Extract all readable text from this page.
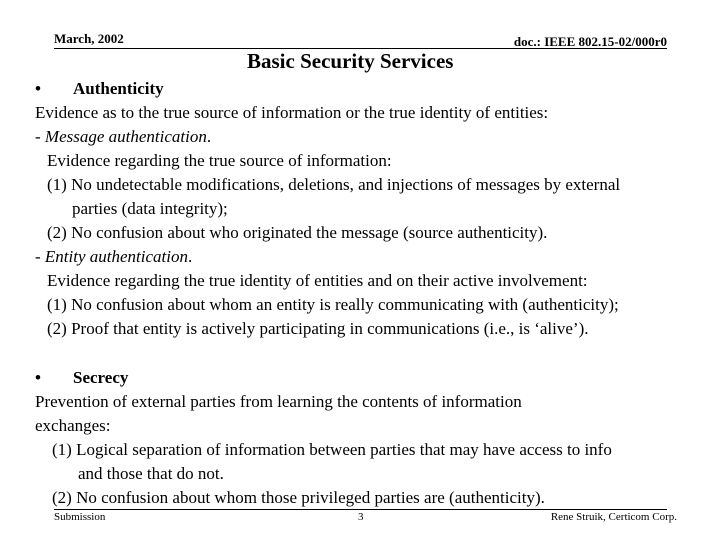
March, 2002	doc.: IEEE 802.15-02/000r0
Basic Security Services
• Authenticity
Evidence as to the true source of information or the true identity of entities:
- Message authentication.
Evidence regarding the true source of information:
(1) No undetectable modifications, deletions, and injections of messages by external
parties (data integrity);
(2) No confusion about who originated the message (source authenticity).
- Entity authentication.
Evidence regarding the true identity of entities and on their active involvement:
(1) No confusion about whom an entity is really communicating with (authenticity);
(2) Proof that entity is actively participating in communications (i.e., is ‘alive’).
• Secrecy
Prevention of external parties from learning the contents of information
exchanges:
(1) Logical separation of information between parties that may have access to info
and those that do not.
(2) No confusion about whom those privileged parties are (authenticity).
Submission	3	Rene Struik, Certicom Corp.
